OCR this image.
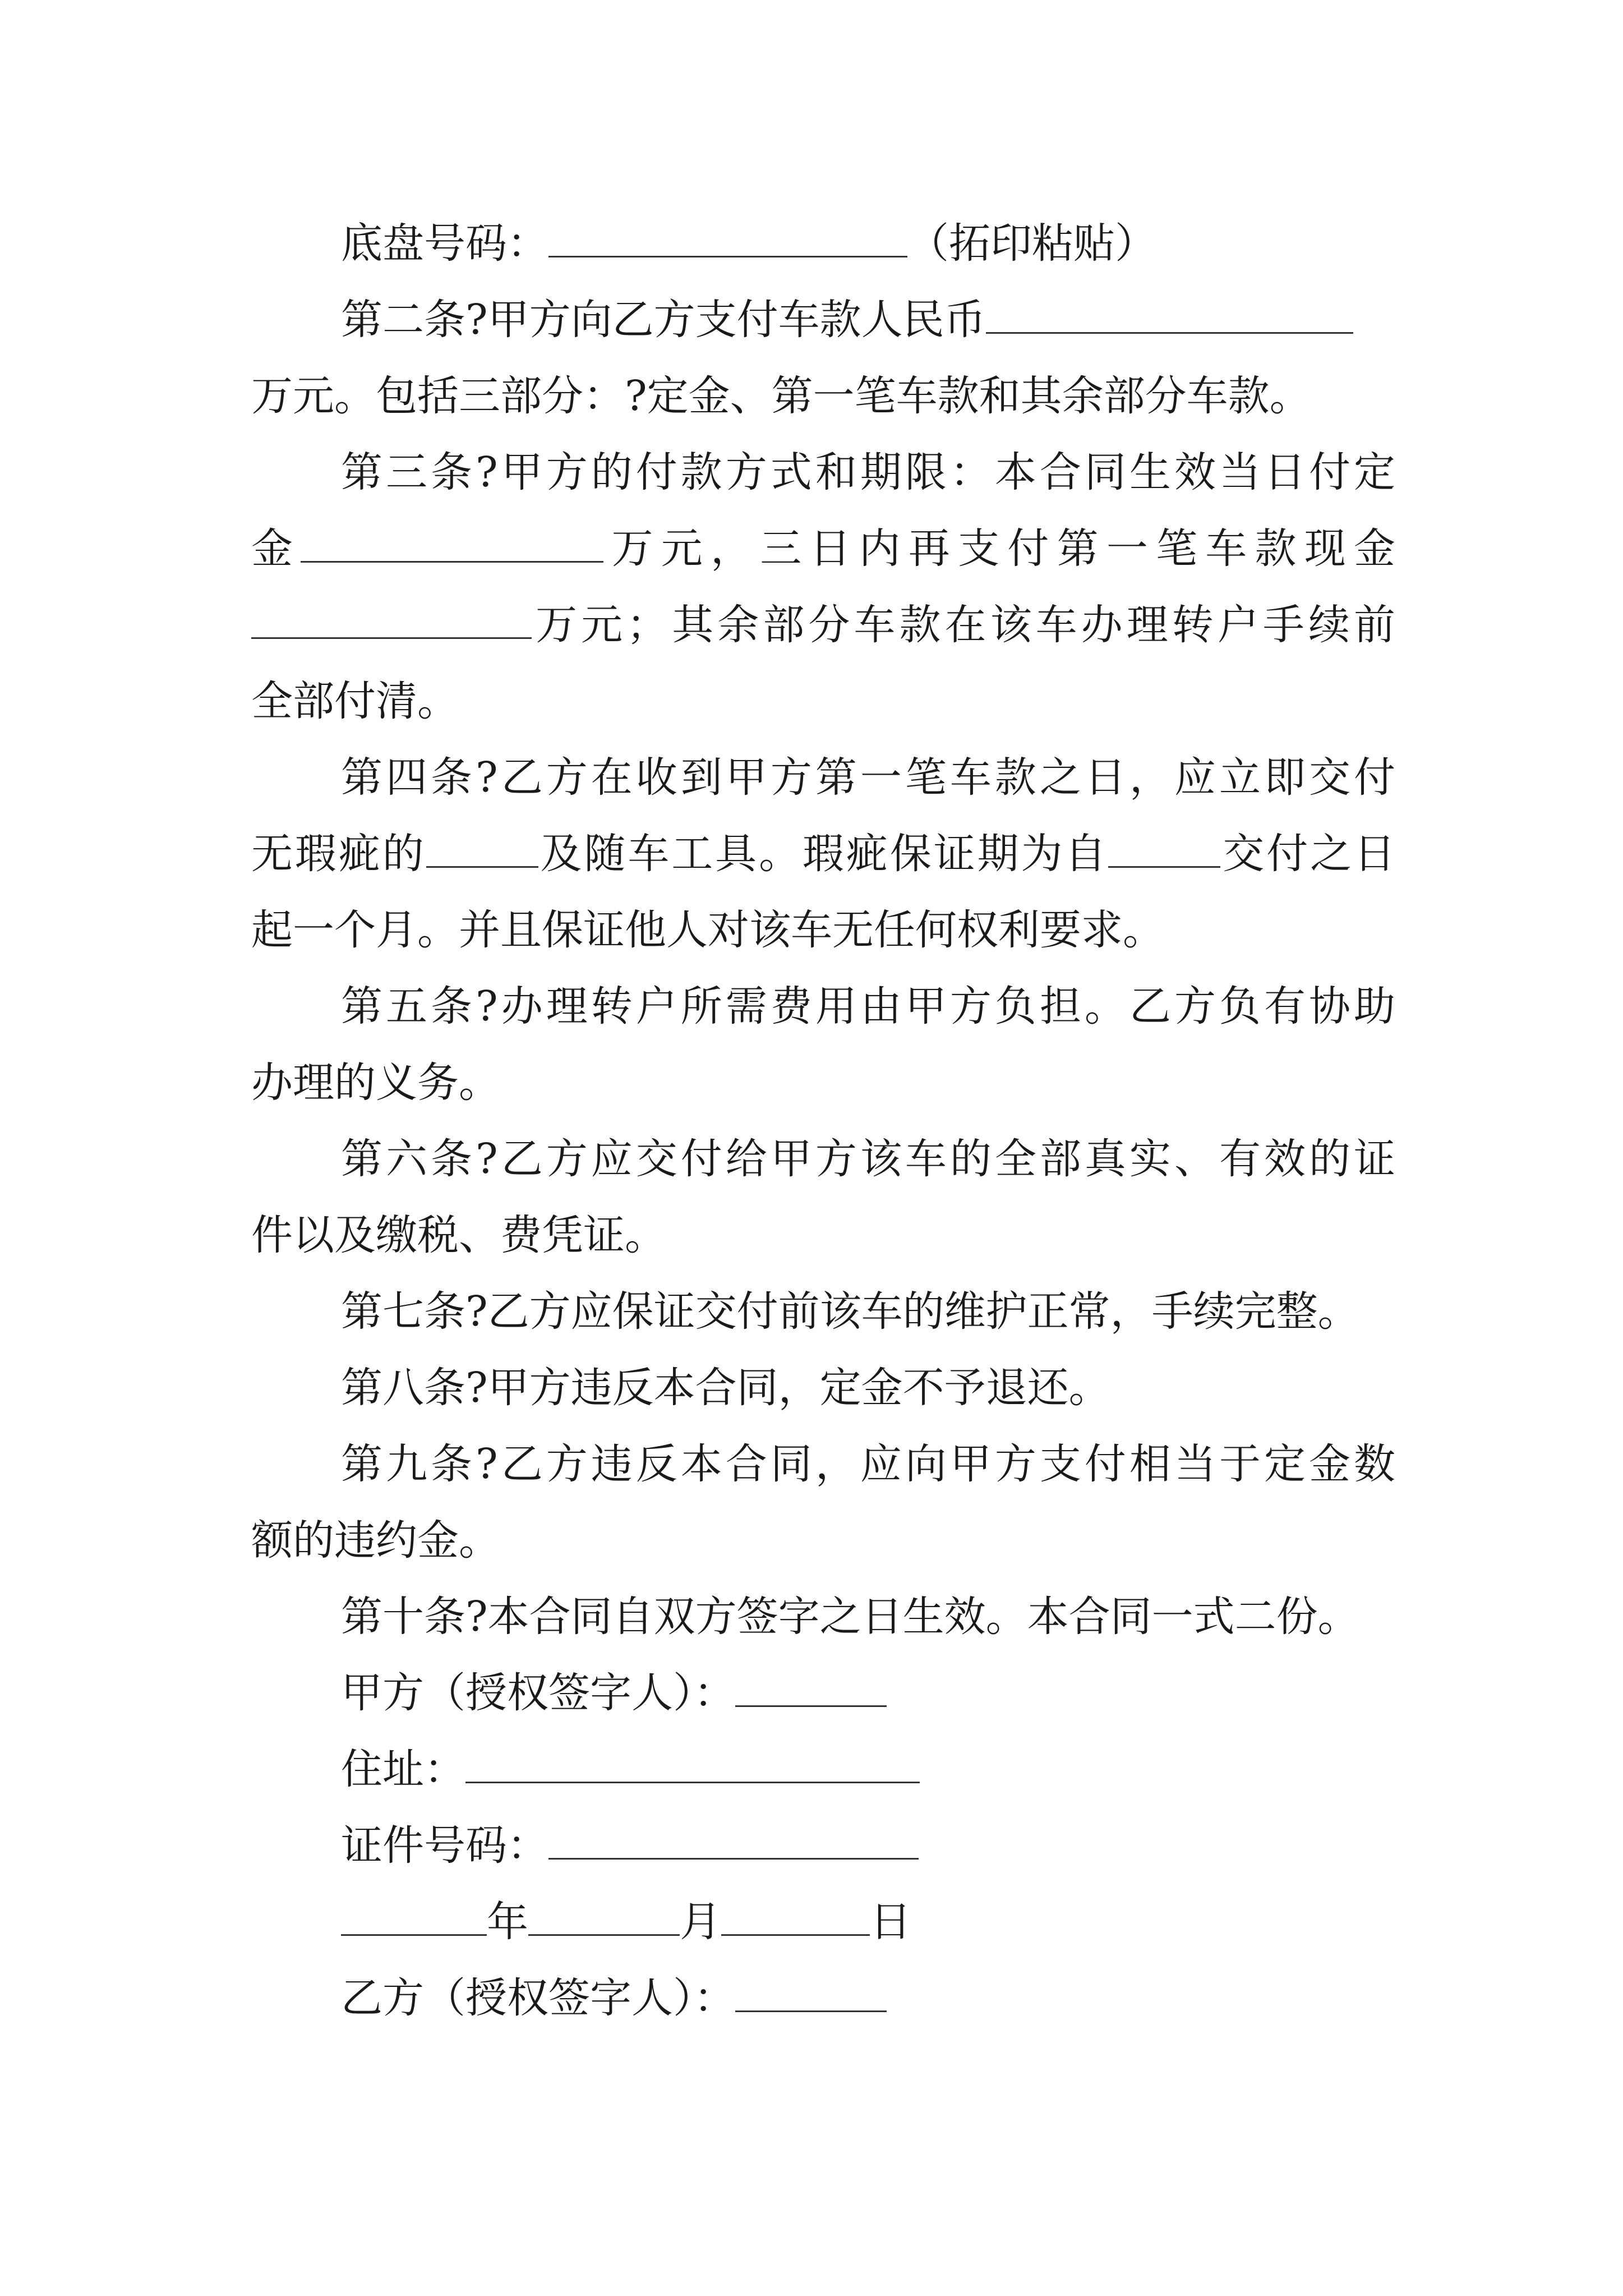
底盘号码：	（拓印粘贴）
第二条?甲方向乙方支付车款人民币
万元。包括三部分：?定金、第一笔车款和其余部分车款。
第三条?甲方的付款方式和期限：本合同生效当日付定
金	万元，三日内再支付第一笔车款现金
万元；其余部分车款在该车办理转户手续前
全部付清。
第四条?乙方在收到甲方第一笔车款之日，应立即交付
无瑕疵的	及随车工具。瑕疵保证期为自	交付之日
起一个月。并且保证他人对该车无任何权利要求。
第五条?办理转户所需费用由甲方负担。乙方负有协助
办理的义务。
第六条?乙方应交付给甲方该车的全部真实、有效的证
件以及缴税、费凭证。
第七条?乙方应保证交付前该车的维护正常，手续完整。
第八条?甲方违反本合同，定金不予退还。
第九条?乙方违反本合同，应向甲方支付相当于定金数
额的违约金。
第十条?本合同自双方签字之日生效。本合同一式二份。
甲方（授权签字人）：
住址：
证件号码：
年	月	日
乙方（授权签字人）：
